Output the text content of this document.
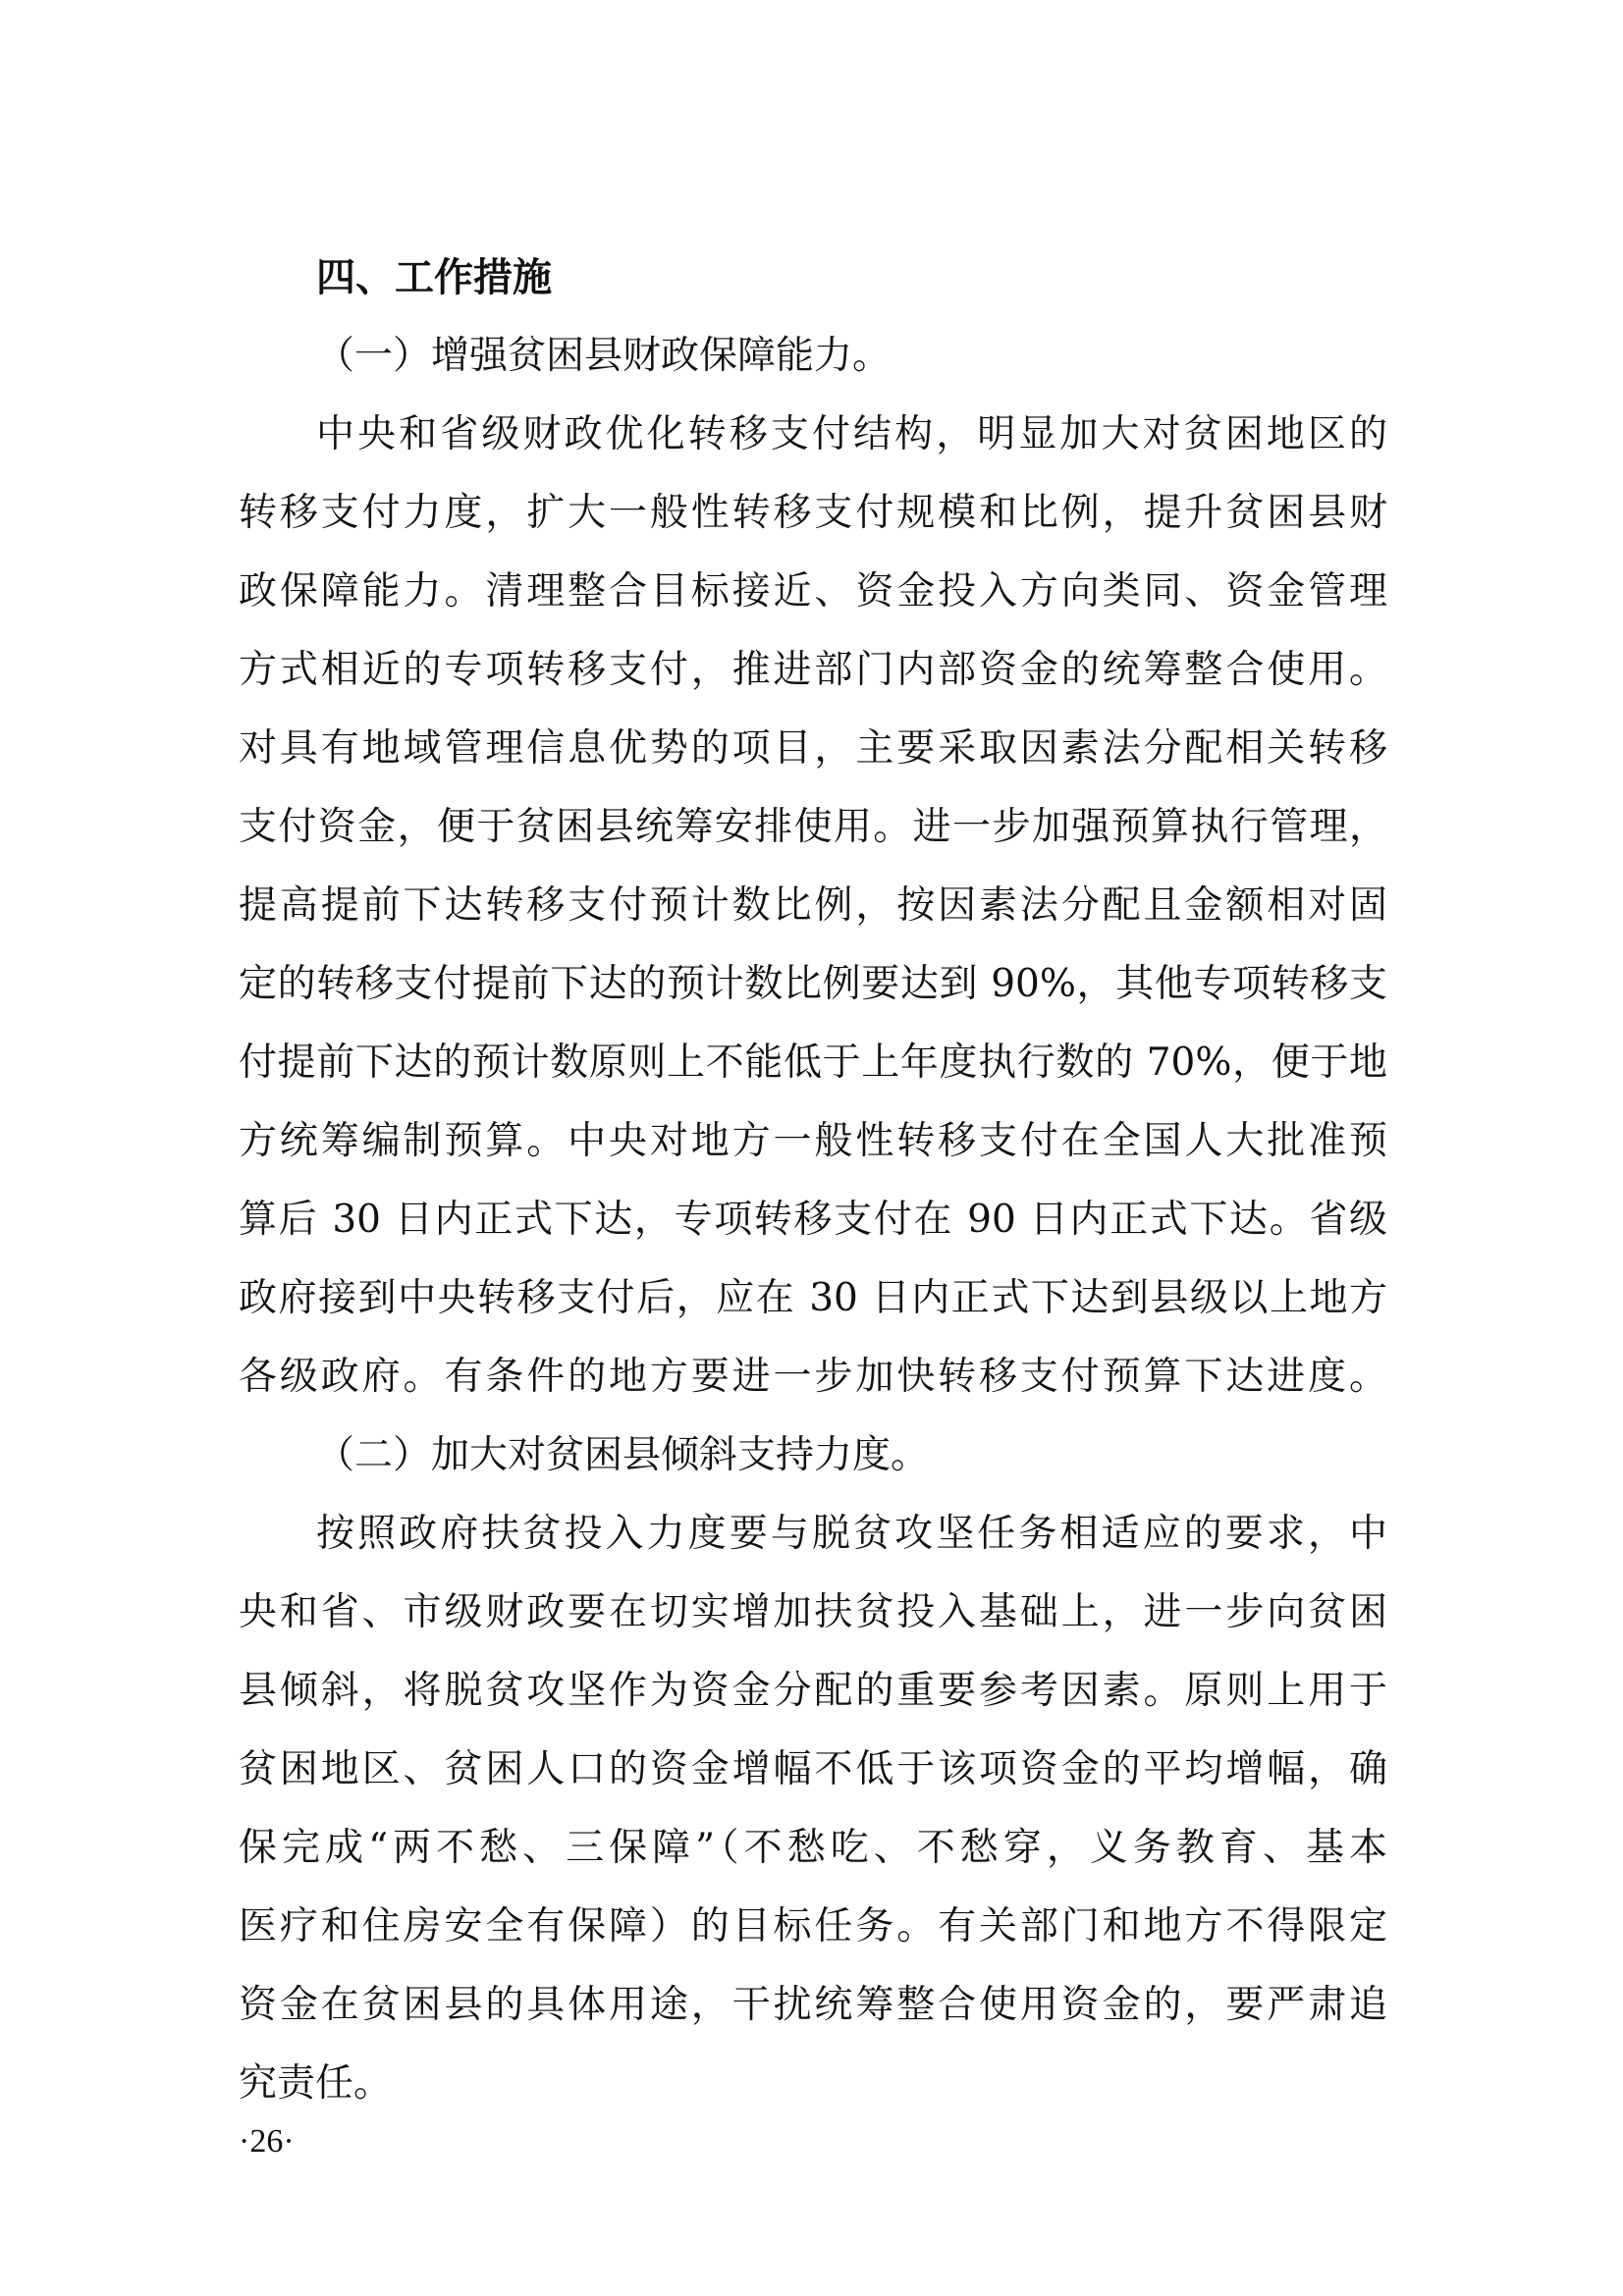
四、工作措施

（一）增强贫困县财政保障能力。

中央和省级财政优化转移支付结构，明显加大对贫困地区的

转移支付力度，扩大一般性转移支付规模和比例，提升贫困县财

政保障能力。清理整合目标接近、资金投入方向类同、资金管理

方式相近的专项转移支付，推进部门内部资金的统筹整合使用。

对具有地域管理信息优势的项目，主要采取因素法分配相关转移

支付资金，便于贫困县统筹安排使用。进一步加强预算执行管理，

提高提前下达转移支付预计数比例，按因素法分配且金额相对固

定的转移支付提前下达的预计数比例要达到 90%，其他专项转移支

付提前下达的预计数原则上不能低于上年度执行数的 70%，便于地

方统筹编制预算。中央对地方一般性转移支付在全国人大批准预

算后 30 日内正式下达，专项转移支付在 90 日内正式下达。省级

政府接到中央转移支付后，应在 30 日内正式下达到县级以上地方

各级政府。有条件的地方要进一步加快转移支付预算下达进度。

（二）加大对贫困县倾斜支持力度。

按照政府扶贫投入力度要与脱贫攻坚任务相适应的要求，中

央和省、市级财政要在切实增加扶贫投入基础上，进一步向贫困

县倾斜，将脱贫攻坚作为资金分配的重要参考因素。原则上用于

贫困地区、贫困人口的资金增幅不低于该项资金的平均增幅，确

保完成“两不愁、三保障”（不愁吃、不愁穿，义务教育、基本

医疗和住房安全有保障）的目标任务。有关部门和地方不得限定

资金在贫困县的具体用途，干扰统筹整合使用资金的，要严肃追

究责任。

·26·
